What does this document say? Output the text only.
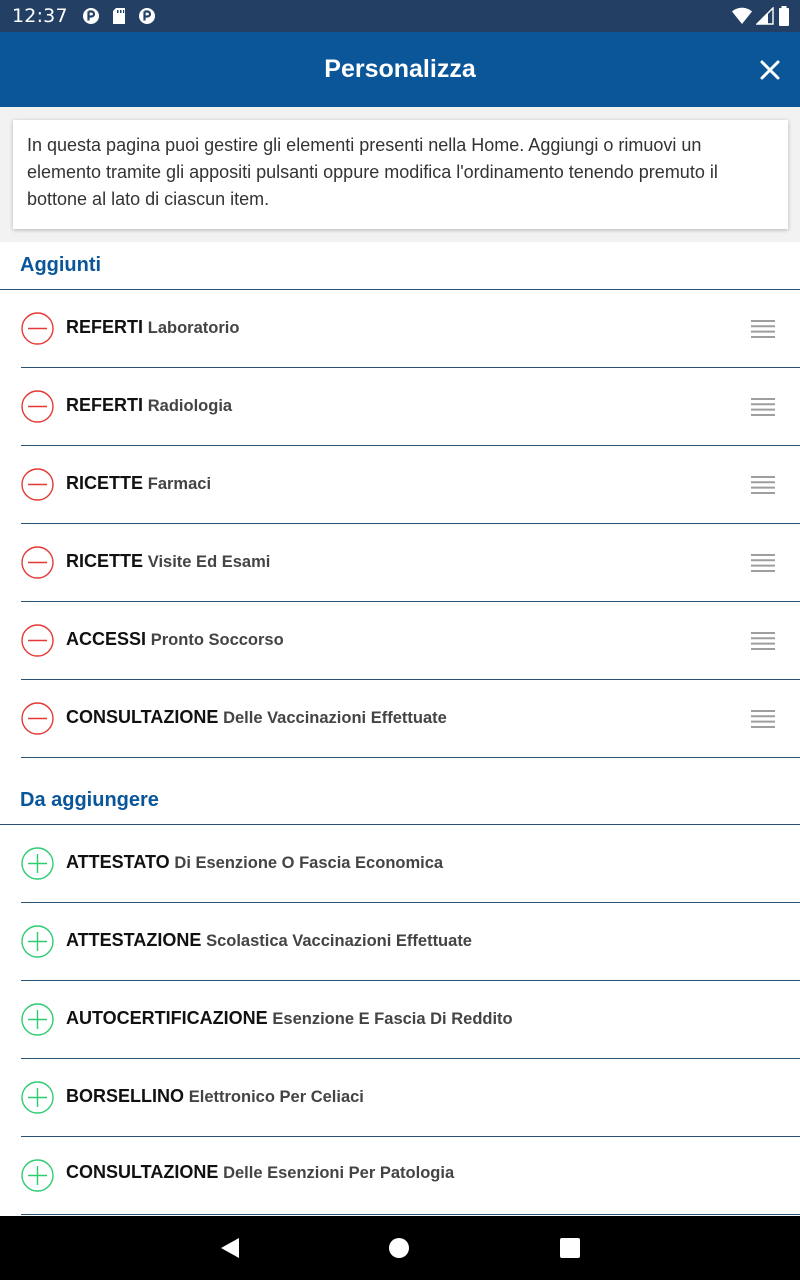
12:37
Personalizza

In questa pagina puoi gestire gli elementi presenti nella Home. Aggiungi o rimuovi un elemento tramite gli appositi pulsanti oppure modifica l'ordinamento tenendo premuto il bottone al lato di ciascun item.

Aggiunti
REFERTI Laboratorio
REFERTI Radiologia
RICETTE Farmaci
RICETTE Visite Ed Esami
ACCESSI Pronto Soccorso
CONSULTAZIONE Delle Vaccinazioni Effettuate
Da aggiungere
ATTESTATO Di Esenzione O Fascia Economica
ATTESTAZIONE Scolastica Vaccinazioni Effettuate
AUTOCERTIFICAZIONE Esenzione E Fascia Di Reddito
BORSELLINO Elettronico Per Celiaci
CONSULTAZIONE Delle Esenzioni Per Patologia
